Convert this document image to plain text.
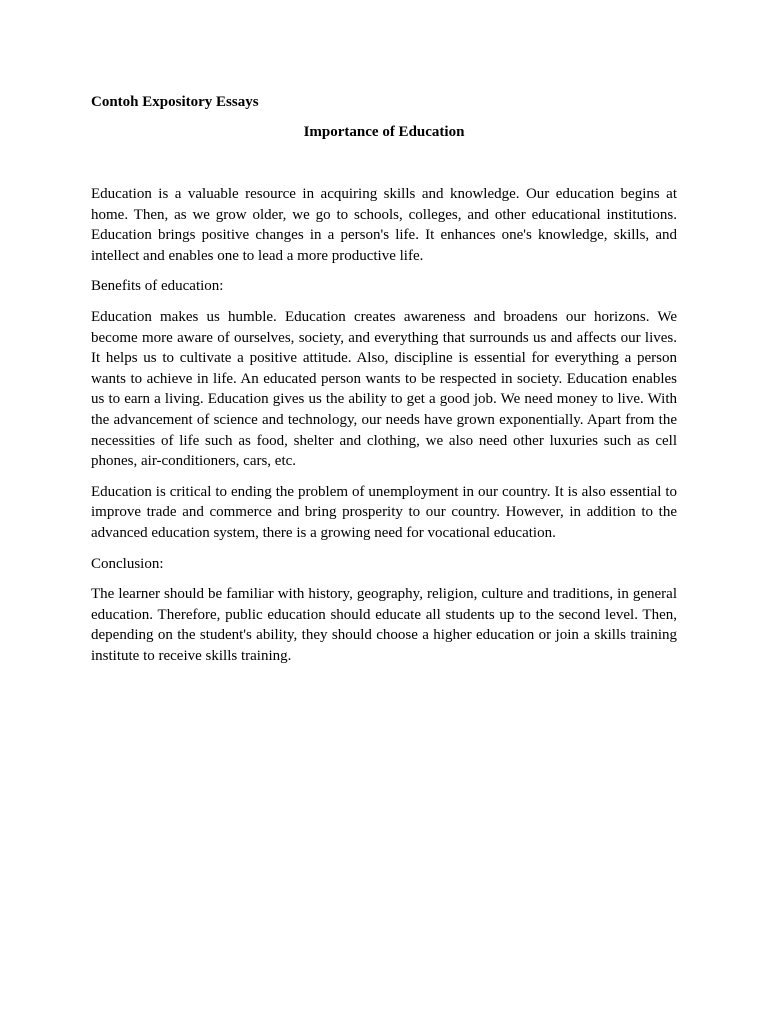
Contoh Expository Essays
Importance of Education

Education is a valuable resource in acquiring skills and knowledge. Our education begins at home. Then, as we grow older, we go to schools, colleges, and other educational institutions. Education brings positive changes in a person's life. It enhances one's knowledge, skills, and intellect and enables one to lead a more productive life.

Benefits of education:

Education makes us humble. Education creates awareness and broadens our horizons. We become more aware of ourselves, society, and everything that surrounds us and affects our lives. It helps us to cultivate a positive attitude. Also, discipline is essential for everything a person wants to achieve in life. An educated person wants to be respected in society. Education enables us to earn a living. Education gives us the ability to get a good job. We need money to live. With the advancement of science and technology, our needs have grown exponentially. Apart from the necessities of life such as food, shelter and clothing, we also need other luxuries such as cell phones, air-conditioners, cars, etc.

Education is critical to ending the problem of unemployment in our country. It is also essential to improve trade and commerce and bring prosperity to our country. However, in addition to the advanced education system, there is a growing need for vocational education.

Conclusion:

The learner should be familiar with history, geography, religion, culture and traditions, in general education. Therefore, public education should educate all students up to the second level. Then, depending on the student's ability, they should choose a higher education or join a skills training institute to receive skills training.
